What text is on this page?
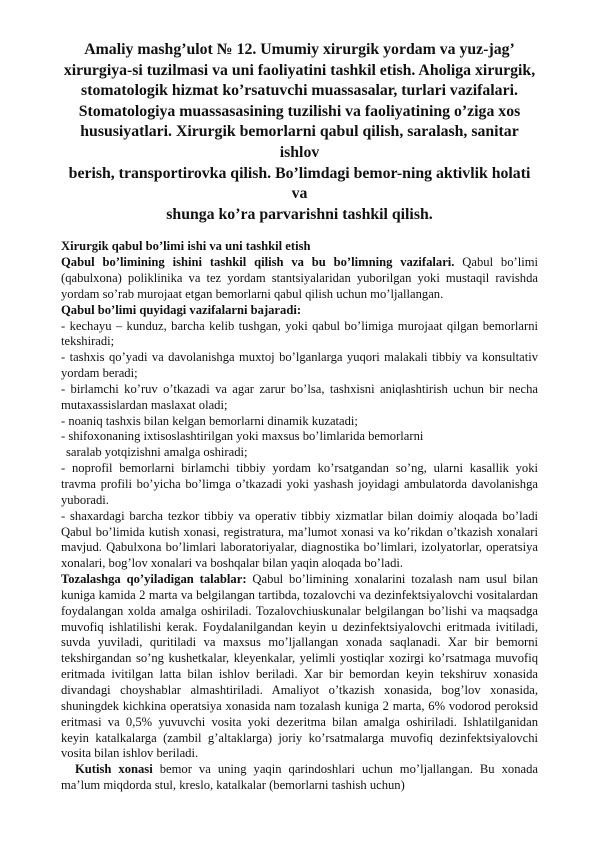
Amaliy mashg’ulot № 12. Umumiy xirurgik yordam va yuz-jag’
xirurgiya-si tuzilmasi va uni faoliyatini tashkil etish. Aholiga xirurgik,
stomatologik hizmat ko’rsatuvchi muassasalar, turlari vazifalari.
Stomatologiya muassasasining tuzilishi va faoliyatining o’ziga xos
hususiyatlari. Xirurgik bemorlarni qabul qilish, saralash, sanitar ishlov
berish, transportirovka qilish. Bo’limdagi bemor-ning aktivlik holati va
shunga ko’ra parvarishni tashkil qilish.

Xirurgik qabul bo’limi ishi va uni tashkil etish

Qabul bo’limining ishini tashkil qilish va bu bo’limning vazifalari. Qabul bo’limi (qabulxona) poliklinika va tez yordam stantsiyalaridan yuborilgan yoki mustaqil ravishda yordam so’rab murojaat etgan bemorlarni qabul qilish uchun mo’ljallangan.

Qabul bo’limi quyidagi vazifalarni bajaradi:

- kechayu – kunduz, barcha kelib tushgan, yoki qabul bo’limiga murojaat qilgan bemorlarni tekshiradi;

- tashxis qo’yadi va davolanishga muxtoj bo’lganlarga yuqori malakali tibbiy va konsultativ yordam beradi;

- birlamchi ko’ruv o’tkazadi va agar zarur bo’lsa, tashxisni aniqlashtirish uchun bir necha mutaxassislardan maslaxat oladi;

- noaniq tashxis bilan kelgan bemorlarni dinamik kuzatadi;

- shifoxonaning ixtisoslashtirilgan yoki maxsus bo’limlarida bemorlarni

saralab yotqizishni amalga oshiradi;

- noprofil bemorlarni birlamchi tibbiy yordam ko’rsatgandan so’ng, ularni kasallik yoki travma profili bo’yicha bo’limga o’tkazadi yoki yashash joyidagi ambulatorda davolanishga yuboradi.

- shaxardagi barcha tezkor tibbiy va operativ tibbiy xizmatlar bilan doimiy aloqada bo’ladi Qabul bo’limida kutish xonasi, registratura, ma’lumot xonasi va ko’rikdan o’tkazish xonalari mavjud. Qabulxona bo’limlari laboratoriyalar, diagnostika bo’limlari, izolyatorlar, operatsiya xonalari, bog’lov xonalari va boshqalar bilan yaqin aloqada bo’ladi.

Tozalashga qo’yiladigan talablar: Qabul bo’limining xonalarini tozalash nam usul bilan kuniga kamida 2 marta va belgilangan tartibda, tozalovchi va dezinfektsiyalovchi vositalardan foydalangan xolda amalga oshiriladi. Tozalovchiuskunalar belgilangan bo’lishi va maqsadga muvofiq ishlatilishi kerak. Foydalanilgandan keyin u dezinfektsiyalovchi eritmada ivitiladi, suvda yuviladi, quritiladi va maxsus mo’ljallangan xonada saqlanadi. Xar bir bemorni tekshirgandan so’ng kushetkalar, kleyenkalar, yelimli yostiqlar xozirgi ko’rsatmaga muvofiq eritmada ivitilgan latta bilan ishlov beriladi. Xar bir bemordan keyin tekshiruv xonasida divandagi choyshablar almashtiriladi. Amaliyot o’tkazish xonasida, bog’lov xonasida, shuningdek kichkina operatsiya xonasida nam tozalash kuniga 2 marta, 6% vodorod peroksid eritmasi va 0,5% yuvuvchi vosita yoki dezeritma bilan amalga oshiriladi. Ishlatilganidan keyin katalkalarga (zambil g’altaklarga) joriy ko’rsatmalarga muvofiq dezinfektsiyalovchi vosita bilan ishlov beriladi.

Kutish xonasi bemor va uning yaqin qarindoshlari uchun mo’ljallangan. Bu xonada ma’lum miqdorda stul, kreslo, katalkalar (bemorlarni tashish uchun)
